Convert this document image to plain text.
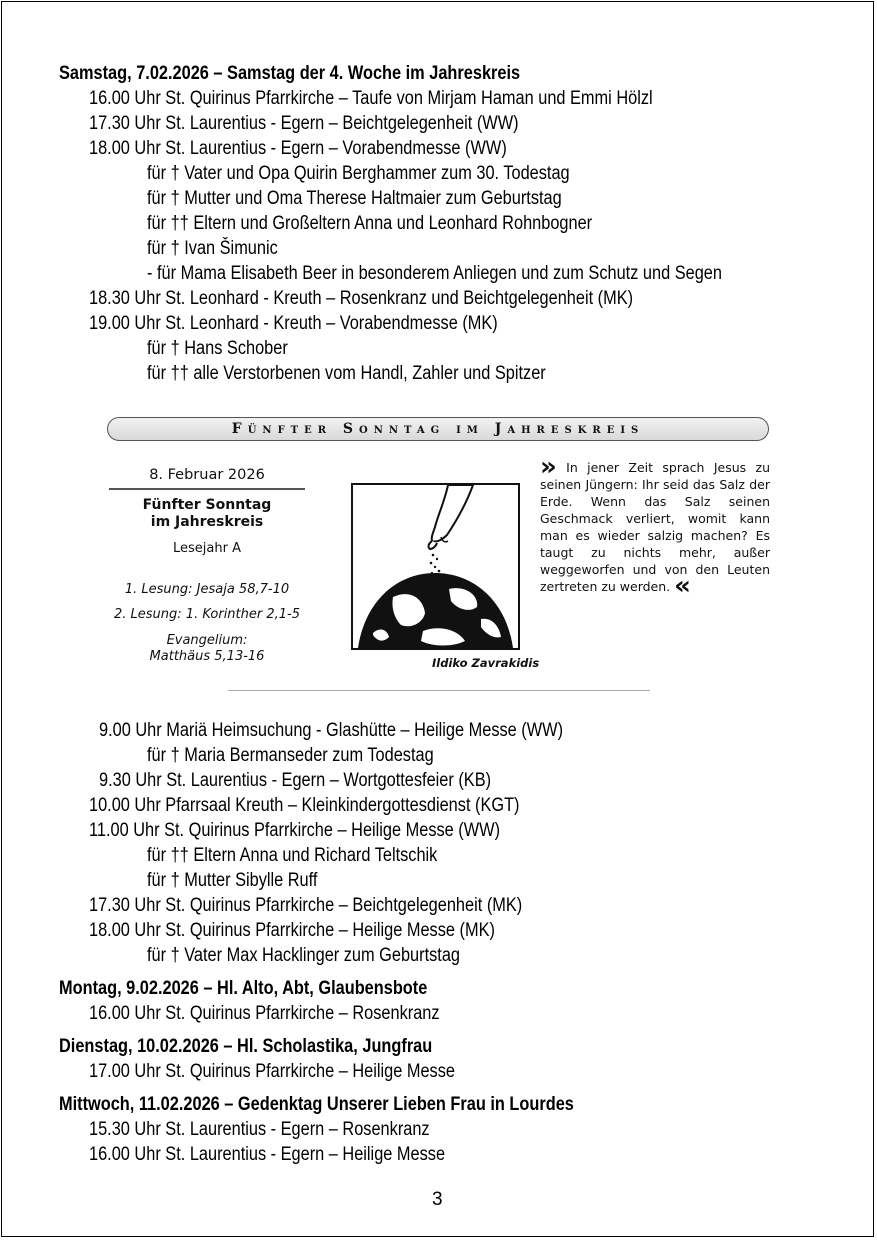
Samstag, 7.02.2026 – Samstag der 4. Woche im Jahreskreis
16.00 Uhr St. Quirinus Pfarrkirche – Taufe von Mirjam Haman und Emmi Hölzl
17.30 Uhr St. Laurentius - Egern – Beichtgelegenheit (WW)
18.00 Uhr St. Laurentius - Egern – Vorabendmesse (WW)
für † Vater und Opa Quirin Berghammer zum 30. Todestag
für † Mutter und Oma Therese Haltmaier zum Geburtstag
für †† Eltern und Großeltern Anna und Leonhard Rohnbogner
für † Ivan Šimunic
- für Mama Elisabeth Beer in besonderem Anliegen und zum Schutz und Segen
18.30 Uhr St. Leonhard - Kreuth – Rosenkranz und Beichtgelegenheit (MK)
19.00 Uhr St. Leonhard - Kreuth – Vorabendmesse (MK)
für † Hans Schober
für †† alle Verstorbenen vom Handl, Zahler und Spitzer
Fünfter Sonntag im Jahreskreis
8. Februar 2026
Fünfter Sonntag
im Jahreskreis
Lesejahr A
1. Lesung: Jesaja 58,7-10
2. Lesung: 1. Korinther 2,1-5
Evangelium:
Matthäus 5,13-16	Ildiko Zavrakidis
» In jener Zeit sprach Jesus zu seinen Jüngern: Ihr seid das Salz der Erde. Wenn das Salz seinen Geschmack verliert, womit kann man es wieder salzig machen? Es taugt zu nichts mehr, außer weggeworfen und von den Leuten zertreten zu werden. «
9.00 Uhr Mariä Heimsuchung - Glashütte – Heilige Messe (WW)
für † Maria Bermanseder zum Todestag
9.30 Uhr St. Laurentius - Egern – Wortgottesfeier (KB)
10.00 Uhr Pfarrsaal Kreuth – Kleinkindergottesdienst (KGT)
11.00 Uhr St. Quirinus Pfarrkirche – Heilige Messe (WW)
für †† Eltern Anna und Richard Teltschik
für † Mutter Sibylle Ruff
17.30 Uhr St. Quirinus Pfarrkirche – Beichtgelegenheit (MK)
18.00 Uhr St. Quirinus Pfarrkirche – Heilige Messe (MK)
für † Vater Max Hacklinger zum Geburtstag
Montag, 9.02.2026 – Hl. Alto, Abt, Glaubensbote
16.00 Uhr St. Quirinus Pfarrkirche – Rosenkranz
Dienstag, 10.02.2026 – Hl. Scholastika, Jungfrau
17.00 Uhr St. Quirinus Pfarrkirche – Heilige Messe
Mittwoch, 11.02.2026 – Gedenktag Unserer Lieben Frau in Lourdes
15.30 Uhr St. Laurentius - Egern – Rosenkranz
16.00 Uhr St. Laurentius - Egern – Heilige Messe
3
